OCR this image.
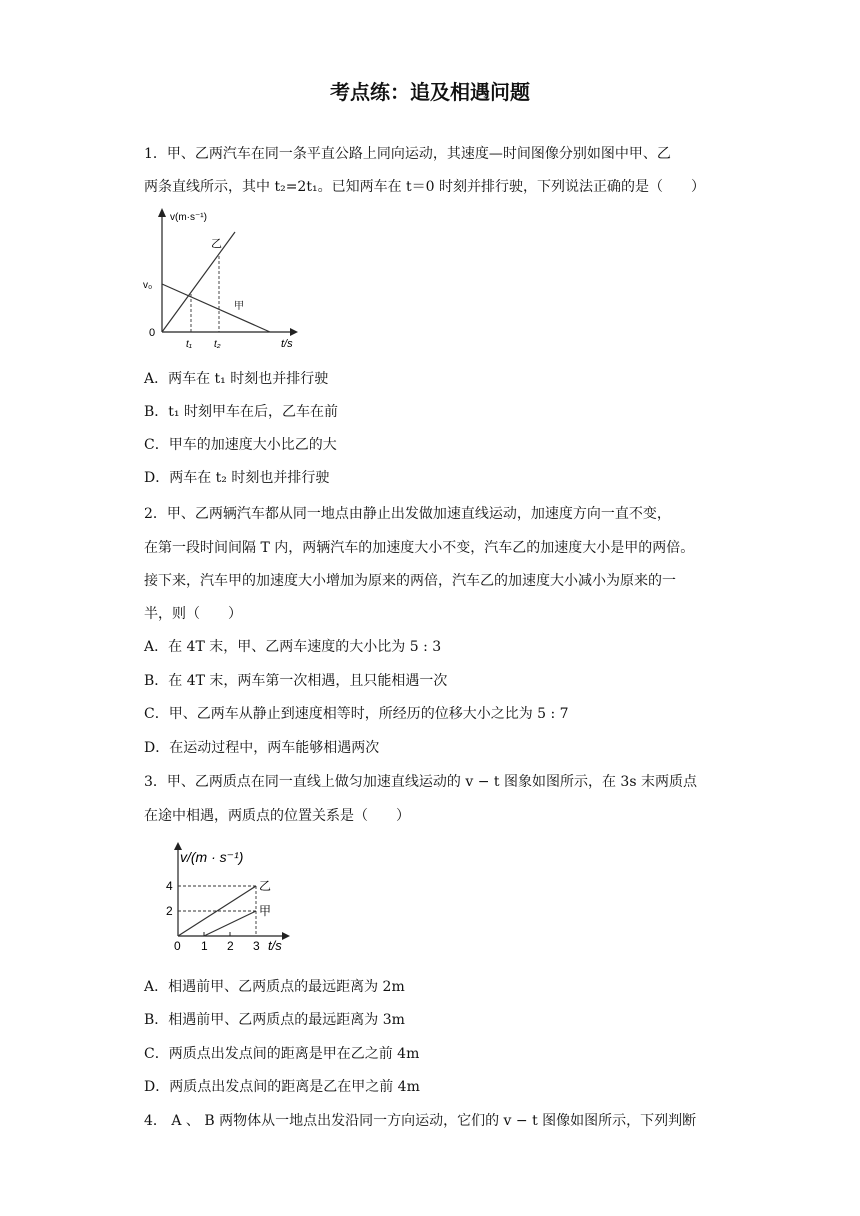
考点练：追及相遇问题
1．甲、乙两汽车在同一条平直公路上同向运动，其速度—时间图像分别如图中甲、乙
两条直线所示，其中 t₂=2t₁。已知两车在 t＝0 时刻并排行驶，下列说法正确的是（　　）
v(m·s⁻¹)
v₀
0
t₁ t₂	t/s
乙
甲
A．两车在 t₁ 时刻也并排行驶
B．t₁ 时刻甲车在后，乙车在前
C．甲车的加速度大小比乙的大
D．两车在 t₂ 时刻也并排行驶
2．甲、乙两辆汽车都从同一地点由静止出发做加速直线运动，加速度方向一直不变，
在第一段时间间隔 T 内，两辆汽车的加速度大小不变，汽车乙的加速度大小是甲的两倍。
接下来，汽车甲的加速度大小增加为原来的两倍，汽车乙的加速度大小减小为原来的一
半，则（　　）
A．在 4T 末，甲、乙两车速度的大小比为 5 : 3
B．在 4T 末，两车第一次相遇，且只能相遇一次
C．甲、乙两车从静止到速度相等时，所经历的位移大小之比为 5 : 7
D．在运动过程中，两车能够相遇两次
3．甲、乙两质点在同一直线上做匀加速直线运动的 v − t 图象如图所示，在 3s 末两质点
在途中相遇，两质点的位置关系是（　　）
v/(m · s⁻¹)
4
2
0 1 2 3 t/s
乙
甲
A．相遇前甲、乙两质点的最远距离为 2m
B．相遇前甲、乙两质点的最远距离为 3m
C．两质点出发点间的距离是甲在乙之前 4m
D．两质点出发点间的距离是乙在甲之前 4m
4． A 、 B 两物体从一地点出发沿同一方向运动，它们的 v − t 图像如图所示，下列判断
